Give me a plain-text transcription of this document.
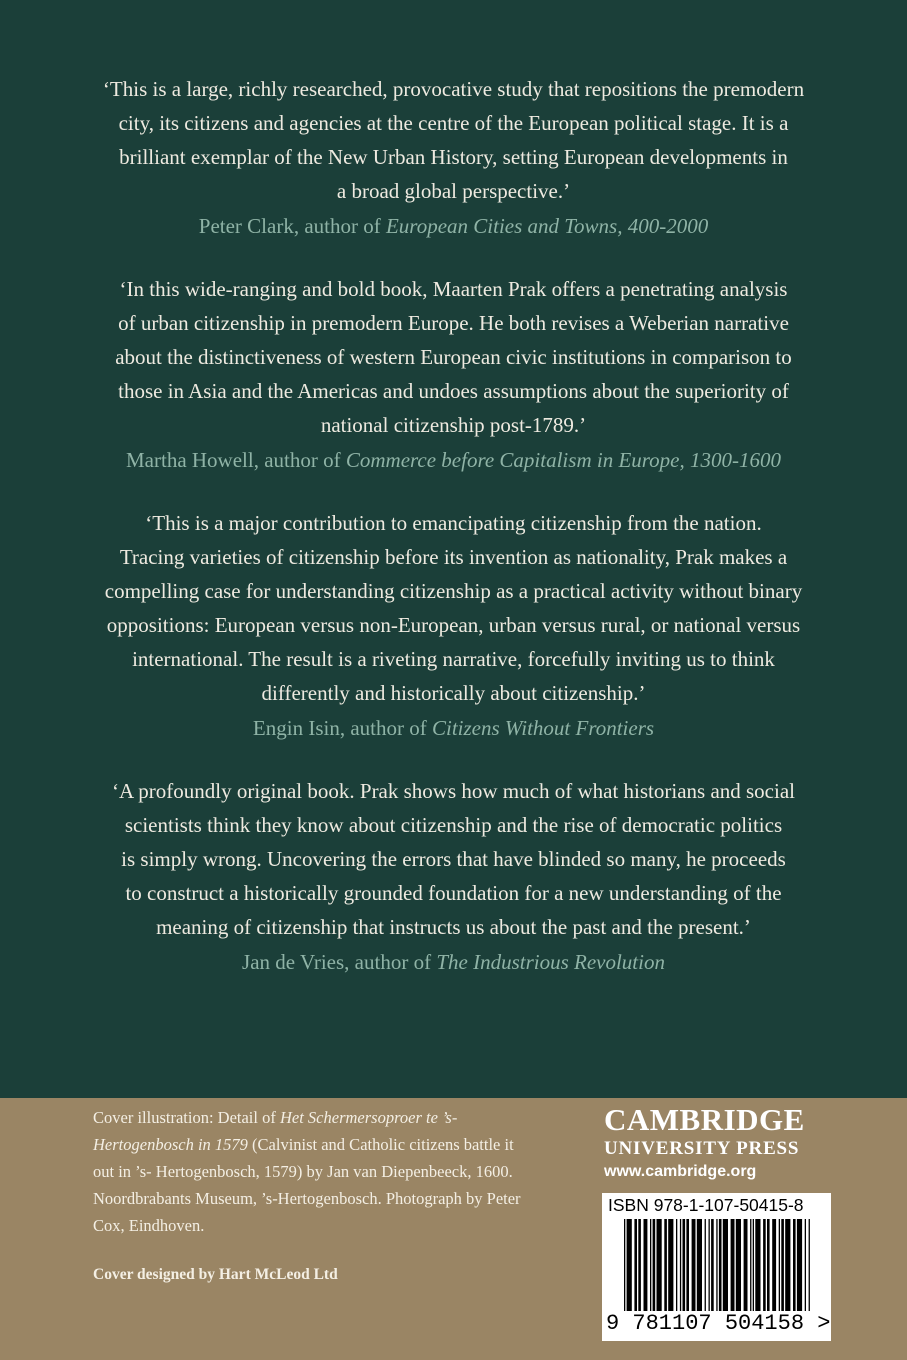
‘This is a large, richly researched, provocative study that repositions the premodern

city, its citizens and agencies at the centre of the European political stage. It is a

brilliant exemplar of the New Urban History, setting European developments in

a broad global perspective.’

Peter Clark, author of European Cities and Towns, 400-2000

‘In this wide-ranging and bold book, Maarten Prak offers a penetrating analysis

of urban citizenship in premodern Europe. He both revises a Weberian narrative

about the distinctiveness of western European civic institutions in comparison to

those in Asia and the Americas and undoes assumptions about the superiority of

national citizenship post-1789.’

Martha Howell, author of Commerce before Capitalism in Europe, 1300-1600

‘This is a major contribution to emancipating citizenship from the nation.

Tracing varieties of citizenship before its invention as nationality, Prak makes a

compelling case for understanding citizenship as a practical activity without binary

oppositions: European versus non-European, urban versus rural, or national versus

international. The result is a riveting narrative, forcefully inviting us to think

differently and historically about citizenship.’

Engin Isin, author of Citizens Without Frontiers

‘A profoundly original book. Prak shows how much of what historians and social

scientists think they know about citizenship and the rise of democratic politics

is simply wrong. Uncovering the errors that have blinded so many, he proceeds

to construct a historically grounded foundation for a new understanding of the

meaning of citizenship that instructs us about the past and the present.’

Jan de Vries, author of The Industrious Revolution

Cover illustration: Detail of Het Schermersoproer te ’s-Hertogenbosch in 1579 (Calvinist and Catholic citizens battle it out in ’s- Hertogenbosch, 1579) by Jan van Diepenbeeck, 1600. Noordbrabants Museum, ’s-Hertogenbosch. Photograph by Peter Cox, Eindhoven.
Cover designed by Hart McLeod Ltd
CAMBRIDGE
UNIVERSITY PRESS
www.cambridge.org
ISBN 978-1-107-50415-8
9 781107 504158 >
